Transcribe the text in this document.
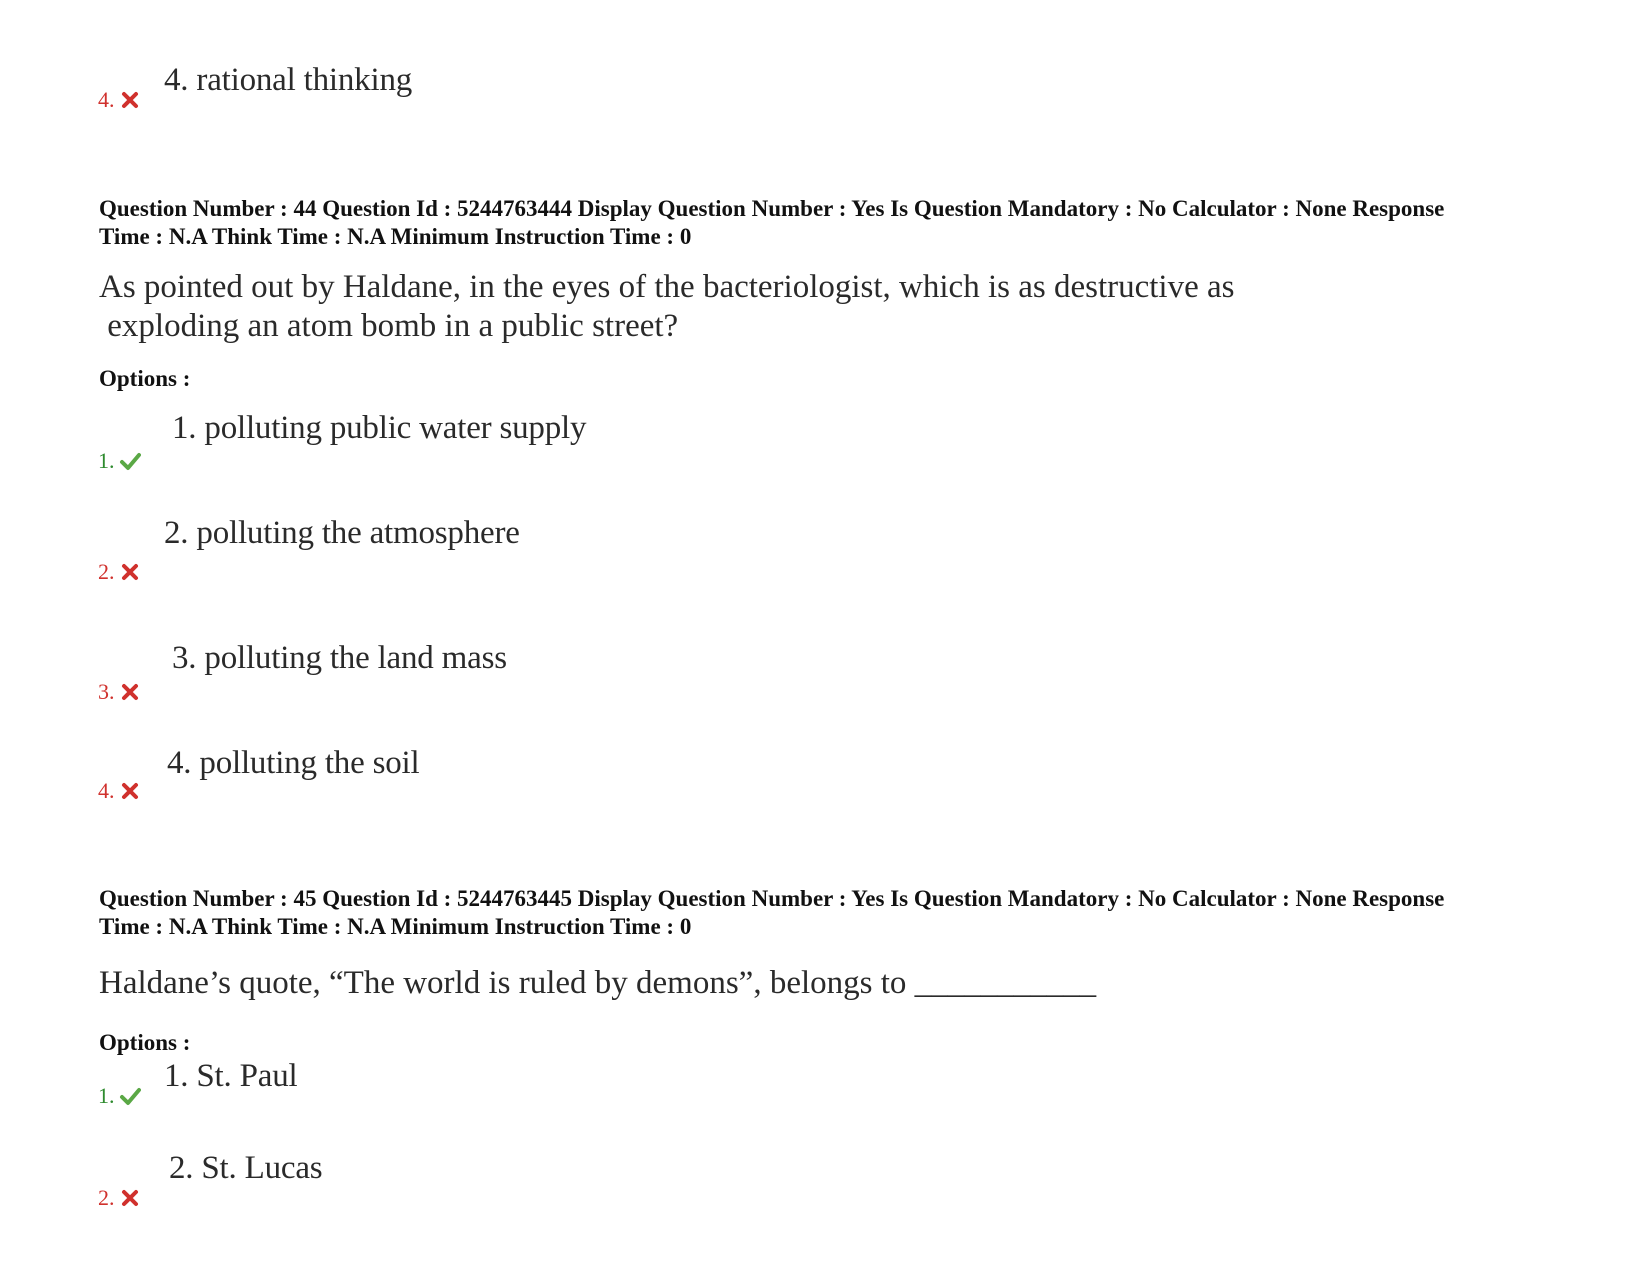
4.
4. rational thinking
Question Number : 44 Question Id : 5244763444 Display Question Number : Yes Is Question Mandatory : No Calculator : None Response
Time : N.A Think Time : N.A Minimum Instruction Time : 0
As pointed out by Haldane, in the eyes of the bacteriologist, which is as destructive as
exploding an atom bomb in a public street?
Options :
1.
1. polluting public water supply
2.
2. polluting the atmosphere
3.
3. polluting the land mass
4.
4. polluting the soil
Question Number : 45 Question Id : 5244763445 Display Question Number : Yes Is Question Mandatory : No Calculator : None Response
Time : N.A Think Time : N.A Minimum Instruction Time : 0
Haldane’s quote, “The world is ruled by demons”, belongs to ___________
Options :
1.
1. St. Paul
2.
2. St. Lucas
